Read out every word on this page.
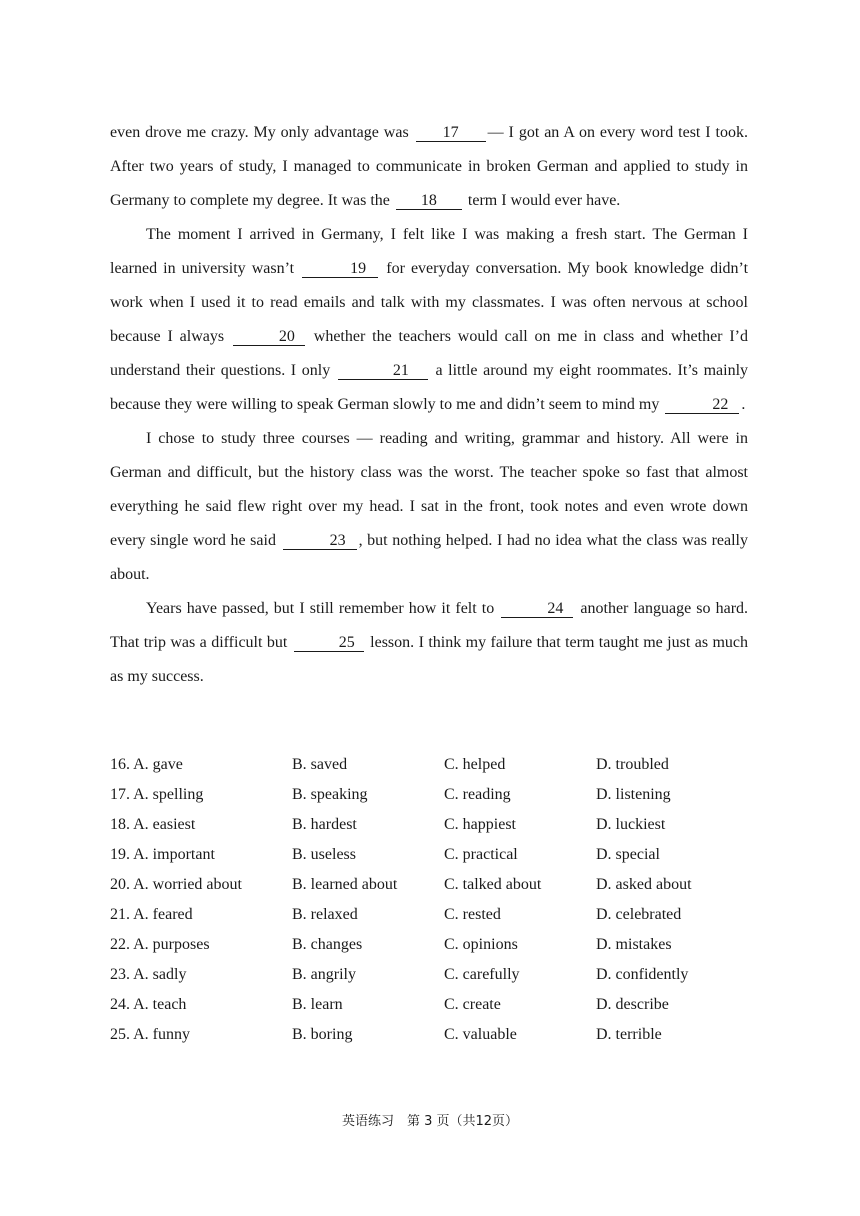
even drove me crazy. My only advantage was 17 — I got an A on every word test I took. After two years of study, I managed to communicate in broken German and applied to study in Germany to complete my degree. It was the 18 term I would ever have.

The moment I arrived in Germany, I felt like I was making a fresh start. The German I learned in university wasn’t	19 for everyday conversation. My book knowledge didn’t work when I used it to read emails and talk with my classmates. I was often nervous at school because I always	20 whether the teachers would call on me in class and whether I’d understand their questions. I only	21 a little around my eight roommates. It’s mainly because they were willing to speak German slowly to me and didn’t seem to mind my	22 .

I chose to study three courses — reading and writing, grammar and history. All were in German and difficult, but the history class was the worst. The teacher spoke so fast that almost everything he said flew right over my head. I sat in the front, took notes and even wrote down every single word he said	23 , but nothing helped. I had no idea what the class was really about.

Years have passed, but I still remember how it felt to	24 another language so hard. That trip was a difficult but	25 lesson. I think my failure that term taught me just as much as my success.

16. A. gave	B. saved	C. helped	D. troubled
17. A. spelling	B. speaking	C. reading	D. listening
18. A. easiest	B. hardest	C. happiest	D. luckiest
19. A. important	B. useless	C. practical	D. special
20. A. worried about	B. learned about	C. talked about	D. asked about
21. A. feared	B. relaxed	C. rested	D. celebrated
22. A. purposes	B. changes	C. opinions	D. mistakes
23. A. sadly	B. angrily	C. carefully	D. confidently
24. A. teach	B. learn	C. create	D. describe
25. A. funny	B. boring	C. valuable	D. terrible
英语练习　第 3 页（共12页）
